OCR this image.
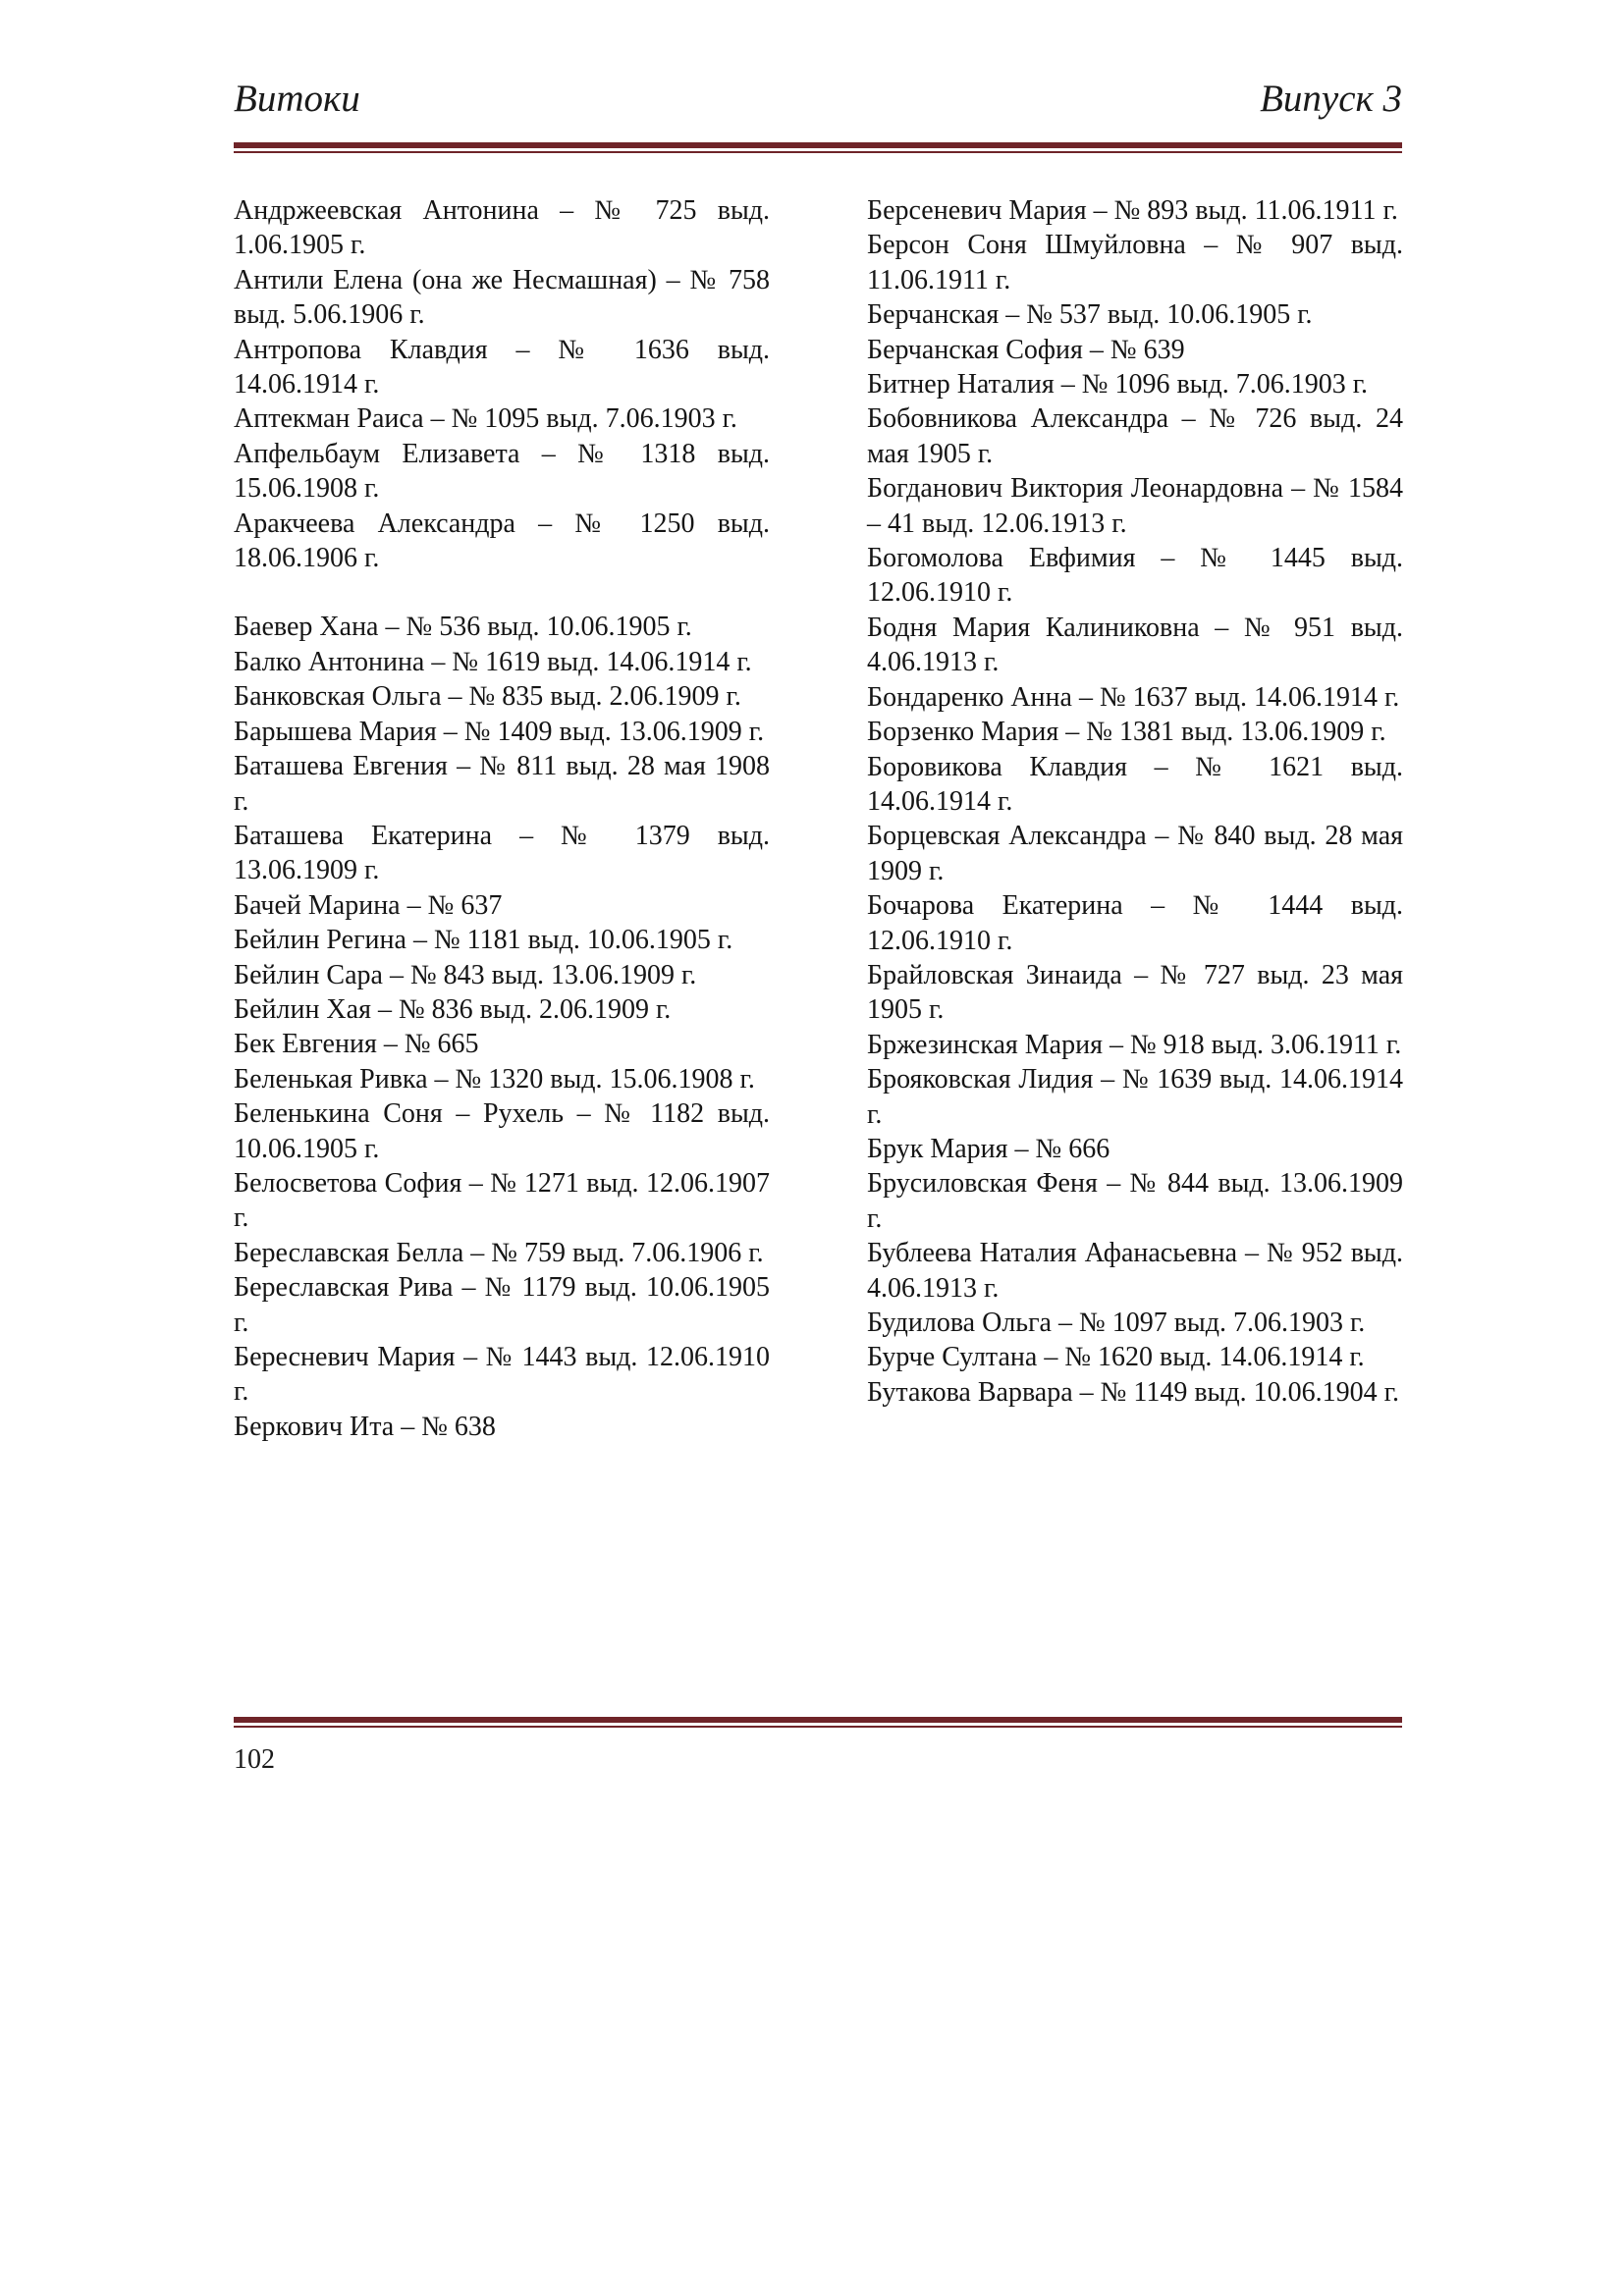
Витоки	Випуск 3
Андржеевская Антонина – № 725 выд. 1.06.1905 г.
Антили Елена (она же Несмашная) – № 758 выд. 5.06.1906 г.
Антропова Клавдия – № 1636 выд. 14.06.1914 г.
Аптекман Раиса – № 1095 выд. 7.06.1903 г.
Апфельбаум Елизавета – № 1318 выд. 15.06.1908 г.
Аракчеева Александра – № 1250 выд. 18.06.1906 г.
Баевер Хана – № 536 выд. 10.06.1905 г.
Балко Антонина – № 1619 выд. 14.06.1914 г.
Банковская Ольга – № 835 выд. 2.06.1909 г.
Барышева Мария – № 1409 выд. 13.06.1909 г.
Баташева Евгения – № 811 выд. 28 мая 1908 г.
Баташева Екатерина – № 1379 выд. 13.06.1909 г.
Бачей Марина – № 637
Бейлин Регина – № 1181 выд. 10.06.1905 г.
Бейлин Сара – № 843 выд. 13.06.1909 г.
Бейлин Хая – № 836 выд. 2.06.1909 г.
Бек Евгения – № 665
Беленькая Ривка – № 1320 выд. 15.06.1908 г.
Беленькина Соня – Рухель – № 1182 выд. 10.06.1905 г.
Белосветова София – № 1271 выд. 12.06.1907 г.
Береславская Белла – № 759 выд. 7.06.1906 г.
Береславская Рива – № 1179 выд. 10.06.1905 г.
Бересневич Мария – № 1443 выд. 12.06.1910 г.
Беркович Ита – № 638
Берсеневич Мария – № 893 выд. 11.06.1911 г.
Берсон Соня Шмуйловна – № 907 выд. 11.06.1911 г.
Берчанская – № 537 выд. 10.06.1905 г.
Берчанская София – № 639
Битнер Наталия – № 1096 выд. 7.06.1903 г.
Бобовникова Александра – № 726 выд. 24 мая 1905 г.
Богданович Виктория Леонардовна – № 1584 – 41 выд. 12.06.1913 г.
Богомолова Евфимия – № 1445 выд. 12.06.1910 г.
Бодня Мария Калиниковна – № 951 выд. 4.06.1913 г.
Бондаренко Анна – № 1637 выд. 14.06.1914 г.
Борзенко Мария – № 1381 выд. 13.06.1909 г.
Боровикова Клавдия – № 1621 выд. 14.06.1914 г.
Борцевская Александра – № 840 выд. 28 мая 1909 г.
Бочарова Екатерина – № 1444 выд. 12.06.1910 г.
Брайловская Зинаида – № 727 выд. 23 мая 1905 г.
Бржезинская Мария – № 918 выд. 3.06.1911 г.
Брояковская Лидия – № 1639 выд. 14.06.1914 г.
Брук Мария – № 666
Брусиловская Феня – № 844 выд. 13.06.1909 г.
Бублеева Наталия Афанасьевна – № 952 выд. 4.06.1913 г.
Будилова Ольга – № 1097 выд. 7.06.1903 г.
Бурче Султана – № 1620 выд. 14.06.1914 г.
Бутакова Варвара – № 1149 выд. 10.06.1904 г.
102
